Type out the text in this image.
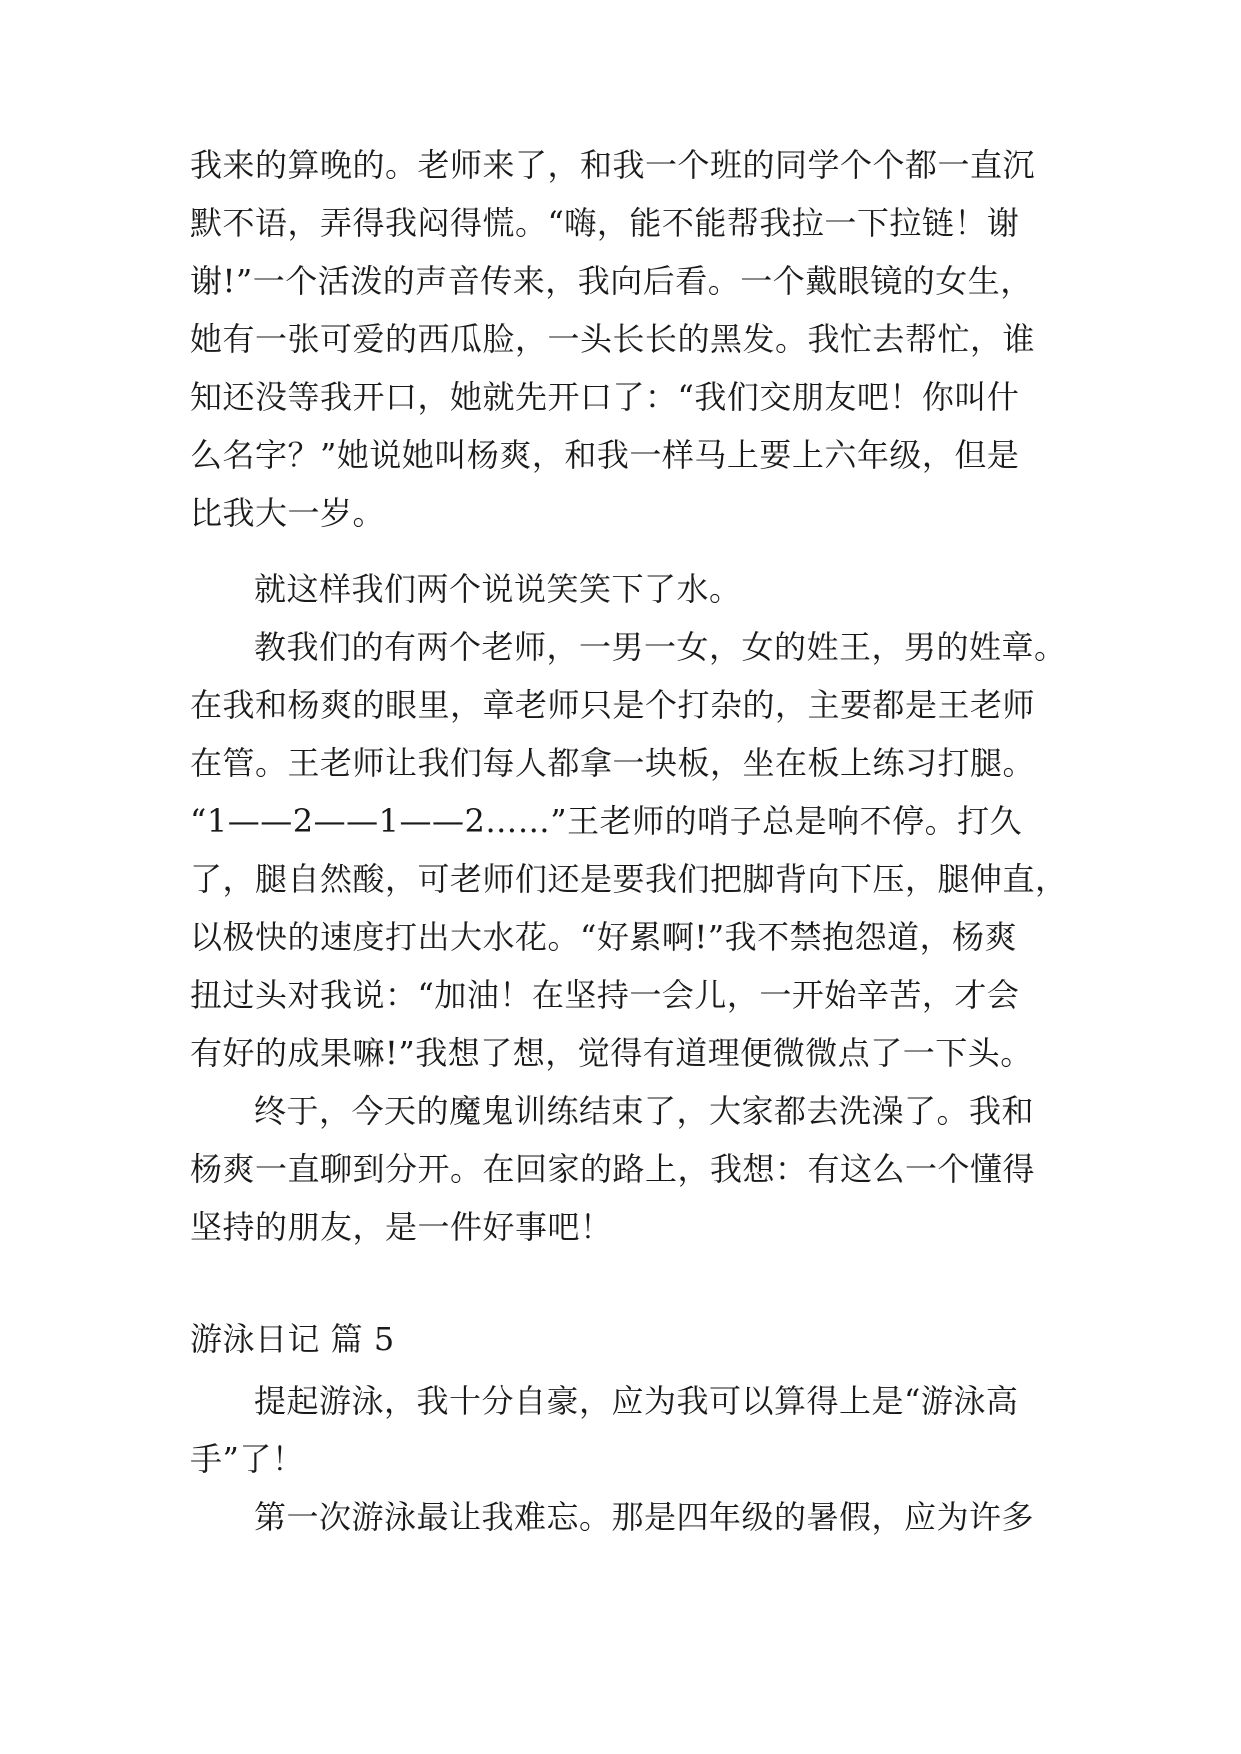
我来的算晚的。老师来了，和我一个班的同学个个都一直沉
默不语，弄得我闷得慌。“嗨，能不能帮我拉一下拉链！谢
谢!”一个活泼的声音传来，我向后看。一个戴眼镜的女生，
她有一张可爱的西瓜脸，一头长长的黑发。我忙去帮忙，谁
知还没等我开口，她就先开口了：“我们交朋友吧！你叫什
么名字？”她说她叫杨爽，和我一样马上要上六年级，但是
比我大一岁。
就这样我们两个说说笑笑下了水。
教我们的有两个老师，一男一女，女的姓王，男的姓章。
在我和杨爽的眼里，章老师只是个打杂的，主要都是王老师
在管。王老师让我们每人都拿一块板，坐在板上练习打腿。
“1——2——1——2……”王老师的哨子总是响不停。打久
了，腿自然酸，可老师们还是要我们把脚背向下压，腿伸直，
以极快的速度打出大水花。“好累啊!”我不禁抱怨道，杨爽
扭过头对我说：“加油！在坚持一会儿，一开始辛苦，才会
有好的成果嘛!”我想了想，觉得有道理便微微点了一下头。
终于，今天的魔鬼训练结束了，大家都去洗澡了。我和
杨爽一直聊到分开。在回家的路上，我想：有这么一个懂得
坚持的朋友，是一件好事吧！
游泳日记 篇 5
提起游泳，我十分自豪，应为我可以算得上是“游泳高
手”了！
第一次游泳最让我难忘。那是四年级的暑假，应为许多
